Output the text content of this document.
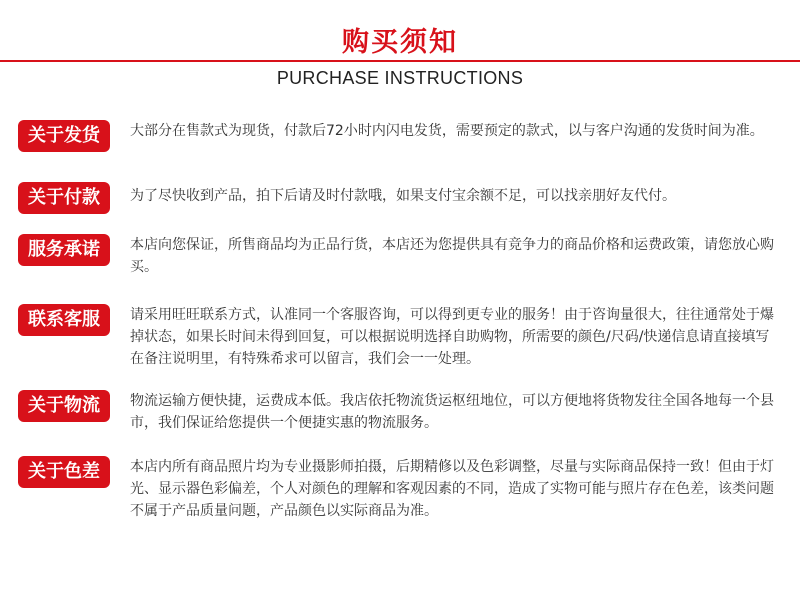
购买须知
PURCHASE INSTRUCTIONS
关于发货	大部分在售款式为现货，付款后72小时内闪电发货，需要预定的款式，以与客户沟通的发货时间为准。

关于付款	为了尽快收到产品，拍下后请及时付款哦，如果支付宝余额不足，可以找亲朋好友代付。

服务承诺	本店向您保证，所售商品均为正品行货，本店还为您提供具有竞争力的商品价格和运费政策，请您放心购买。

联系客服	请采用旺旺联系方式，认准同一个客服咨询，可以得到更专业的服务！由于咨询量很大，往往通常处于爆掉状态，如果长时间未得到回复，可以根据说明选择自助购物，所需要的颜色/尺码/快递信息请直接填写在备注说明里，有特殊希求可以留言，我们会一一处理。

关于物流	物流运输方便快捷，运费成本低。我店依托物流货运枢纽地位，可以方便地将货物发往全国各地每一个县市，我们保证给您提供一个便捷实惠的物流服务。

关于色差	本店内所有商品照片均为专业摄影师拍摄，后期精修以及色彩调整，尽量与实际商品保持一致！但由于灯光、显示器色彩偏差，个人对颜色的理解和客观因素的不同，造成了实物可能与照片存在色差，该类问题不属于产品质量问题，产品颜色以实际商品为准。
